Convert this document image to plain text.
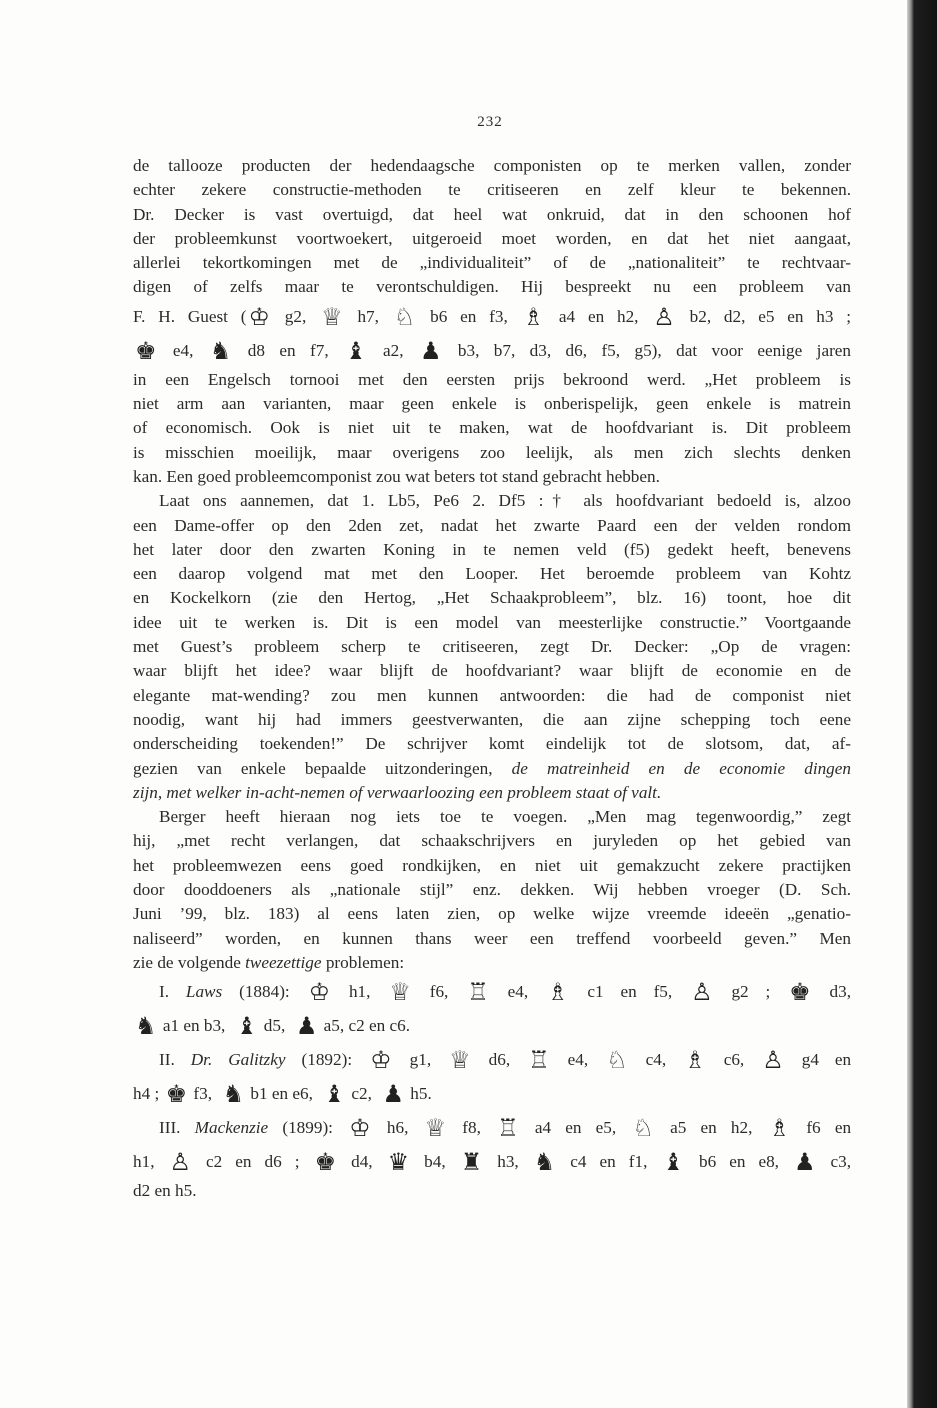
232

de tallooze producten der hedendaagsche componisten op te merken vallen, zonder
echter zekere constructie-methoden te critiseeren en zelf kleur te bekennen.
Dr. Decker is vast overtuigd, dat heel wat onkruid, dat in den schoonen hof
der probleemkunst voortwoekert, uitgeroeid moet worden, en dat het niet aangaat,
allerlei tekortkomingen met de „individualiteit” of de „nationaliteit” te rechtvaar-
digen of zelfs maar te verontschuldigen. Hij bespreekt nu een probleem van
F. H. Guest (♔ g2, ♕ h7, ♘ b6 en f3, ♗ a4 en h2, ♙ b2, d2, e5 en h3 ;
♚ e4, ♞ d8 en f7, ♝ a2, ♟ b3, b7, d3, d6, f5, g5), dat voor eenige jaren
in een Engelsch tornooi met den eersten prijs bekroond werd. „Het probleem is
niet arm aan varianten, maar geen enkele is onberispelijk, geen enkele is matrein
of economisch. Ook is niet uit te maken, wat de hoofdvariant is. Dit probleem
is misschien moeilijk, maar overigens zoo leelijk, als men zich slechts denken
kan. Een goed probleemcomponist zou wat beters tot stand gebracht hebben.

Laat ons aannemen, dat 1. Lb5, Pe6 2. Df5 :† als hoofdvariant bedoeld is, alzoo
een Dame-offer op den 2den zet, nadat het zwarte Paard een der velden rondom
het later door den zwarten Koning in te nemen veld (f5) gedekt heeft, benevens
een daarop volgend mat met den Looper. Het beroemde probleem van Kohtz
en Kockelkorn (zie den Hertog, „Het Schaakprobleem”, blz. 16) toont, hoe dit
idee uit te werken is. Dit is een model van meesterlijke constructie.” Voortgaande
met Guest’s probleem scherp te critiseeren, zegt Dr. Decker: „Op de vragen:
waar blijft het idee? waar blijft de hoofdvariant? waar blijft de economie en de
elegante mat-wending? zou men kunnen antwoorden: die had de componist niet
noodig, want hij had immers geestverwanten, die aan zijne schepping toch eene
onderscheiding toekenden!” De schrijver komt eindelijk tot de slotsom, dat, af-
gezien van enkele bepaalde uitzonderingen, de matreinheid en de economie dingen
zijn, met welker in-acht-nemen of verwaarloozing een probleem staat of valt.

Berger heeft hieraan nog iets toe te voegen. „Men mag tegenwoordig,” zegt
hij, „met recht verlangen, dat schaakschrijvers en juryleden op het gebied van
het probleemwezen eens goed rondkijken, en niet uit gemakzucht zekere practijken
door dooddoeners als „nationale stijl” enz. dekken. Wij hebben vroeger (D. Sch.
Juni ’99, blz. 183) al eens laten zien, op welke wijze vreemde ideeën „genatio-
naliseerd” worden, en kunnen thans weer een treffend voorbeeld geven.” Men
zie de volgende tweezettige problemen:

I. Laws (1884): ♔ h1, ♕ f6, ♖ e4, ♗ c1 en f5, ♙ g2 ; ♚ d3,
♞ a1 en b3, ♝ d5, ♟ a5, c2 en c6.

II. Dr. Galitzky (1892): ♔ g1, ♕ d6, ♖ e4, ♘ c4, ♗ c6, ♙ g4 en
h4 ; ♚ f3, ♞ b1 en e6, ♝ c2, ♟ h5.

III. Mackenzie (1899): ♔ h6, ♕ f8, ♖ a4 en e5, ♘ a5 en h2, ♗ f6 en
h1, ♙ c2 en d6 ; ♚ d4, ♛ b4, ♜ h3, ♞ c4 en f1, ♝ b6 en e8, ♟ c3,
d2 en h5.
